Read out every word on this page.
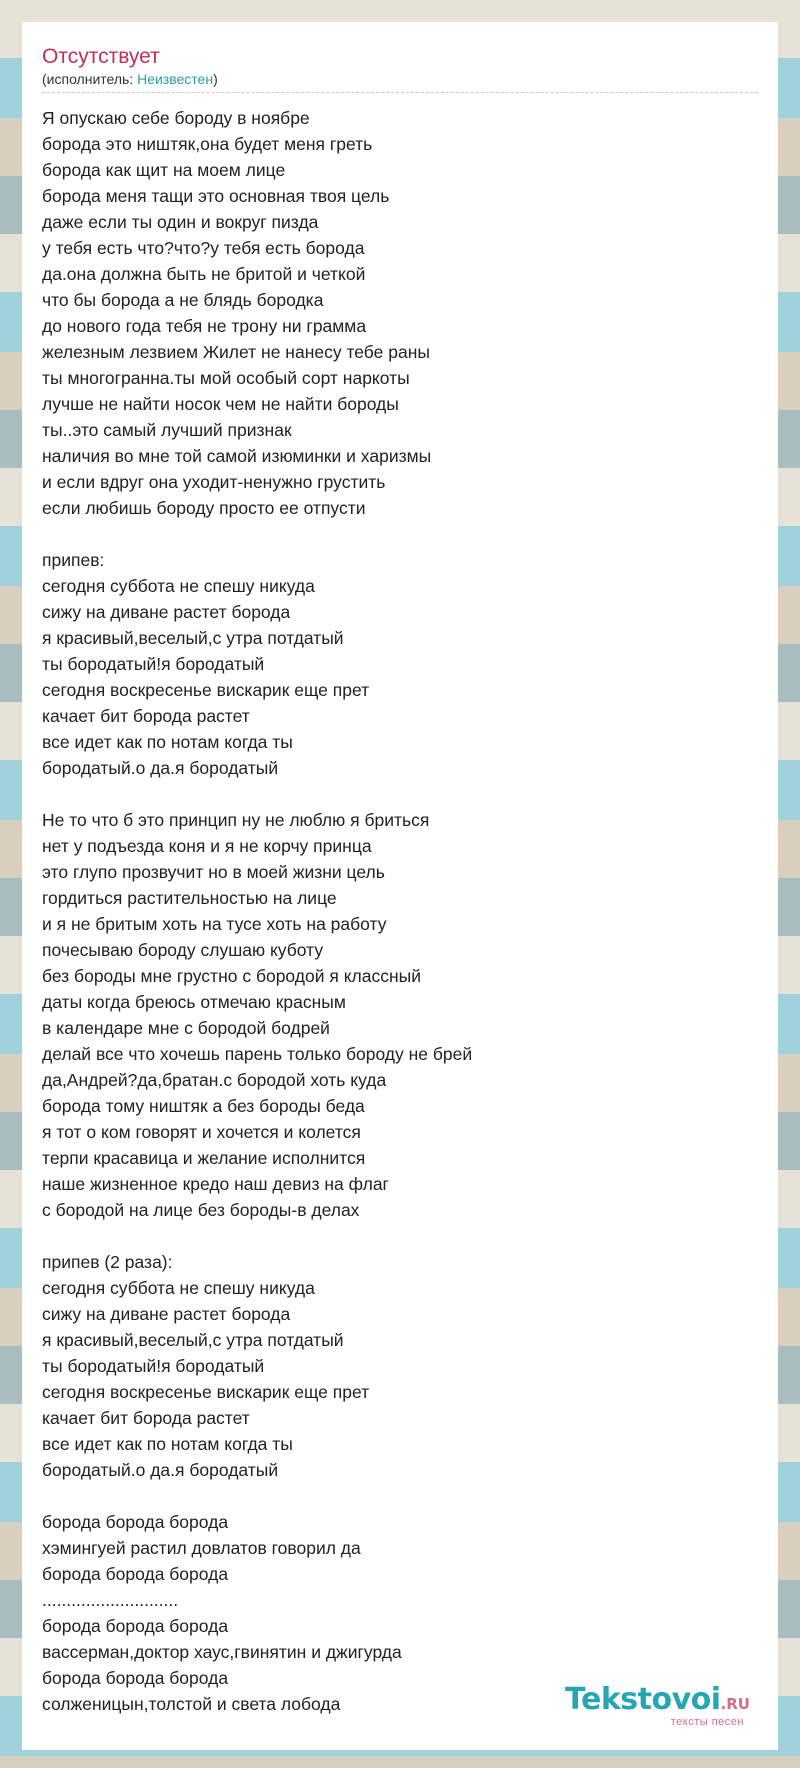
Отсутствует
(исполнитель: Неизвестен)
Я опускаю себе бороду в ноябре
борода это ништяк,она будет меня греть
борода как щит на моем лице
борода меня тащи это основная твоя цель
даже если ты один и вокруг пизда
у тебя есть что?что?у тебя есть борода
да.она должна быть не бритой и четкой
что бы борода а не блядь бородка
до нового года тебя не трону ни грамма
железным лезвием Жилет не нанесу тебе раны
ты многогранна.ты мой особый сорт наркоты
лучше не найти носок чем не найти бороды
ты..это самый лучший признак
наличия во мне той самой изюминки и харизмы
и если вдруг она уходит-ненужно грустить
если любишь бороду просто ее отпусти
припев:
сегодня суббота не спешу никуда
сижу на диване растет борода
я красивый,веселый,с утра потдатый
ты бородатый!я бородатый
сегодня воскресенье вискарик еще прет
качает бит борода растет
все идет как по нотам когда ты
бородатый.о да.я бородатый
Не то что б это принцип ну не люблю я бриться
нет у подъезда коня и я не корчу принца
это глупо прозвучит но в моей жизни цель
гордиться растительностью на лице
и я не бритым хоть на тусе хоть на работу
почесываю бороду слушаю куботу
без бороды мне грустно с бородой я классный
даты когда бреюсь отмечаю красным
в календаре мне с бородой бодрей
делай все что хочешь парень только бороду не брей
да,Андрей?да,братан.с бородой хоть куда
борода тому ништяк а без бороды беда
я тот о ком говорят и хочется и колется
терпи красавица и желание исполнится
наше жизненное кредо наш девиз на флаг
с бородой на лице без бороды-в делах
припев (2 раза):
сегодня суббота не спешу никуда
сижу на диване растет борода
я красивый,веселый,с утра потдатый
ты бородатый!я бородатый
сегодня воскресенье вискарик еще прет
качает бит борода растет
все идет как по нотам когда ты
бородатый.о да.я бородатый
борода борода борода
хэмингуей растил довлатов говорил да
борода борода борода
............................
борода борода борода
вассерман,доктор хаус,гвинятин и джигурда
борода борода борода
солженицын,толстой и света лобода	Tekstovoi.RU
тексты песен
